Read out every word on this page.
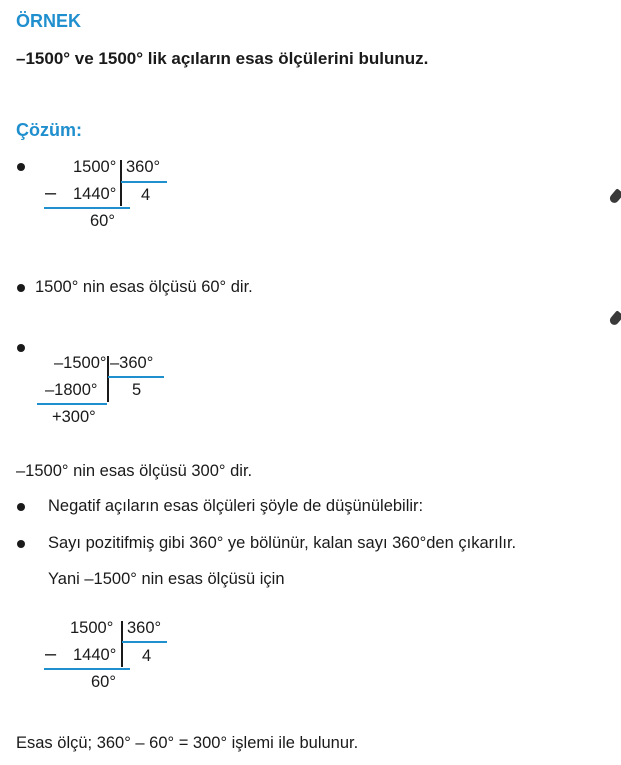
ÖRNEK
–1500° ve 1500° lik açıların esas ölçülerini bulunuz.
Çözüm:
1500° 360°
– 1440° 4
60°
1500° nin esas ölçüsü 60° dir.
–1500° –360°
–1800° 5
+300°
–1500° nin esas ölçüsü 300° dir.
Negatif açıların esas ölçüleri şöyle de düşünülebilir:
Sayı pozitifmiş gibi 360° ye bölünür, kalan sayı 360°den çıkarılır.
Yani –1500° nin esas ölçüsü için
1500° 360°
– 1440° 4
60°
Esas ölçü; 360° – 60° = 300° işlemi ile bulunur.
